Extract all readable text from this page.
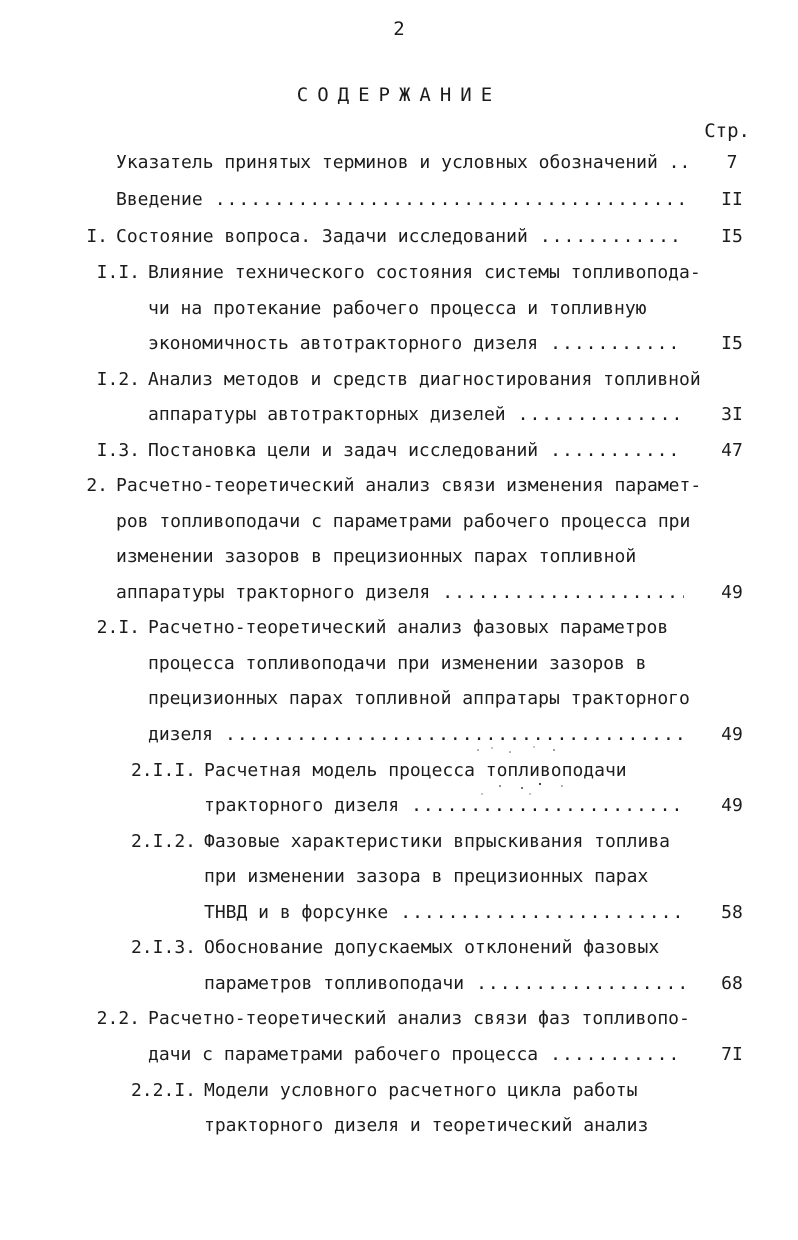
2
СОДЕРЖАНИЕ
Стр.
Указатель принятых терминов и условных обозначений ..	7
Введение .....	II
I. Состояние вопроса. Задачи исследований .....	I5
I.I. Влияние технического состояния системы топливопода-
чи на протекание рабочего процесса и топливную
экономичность автотракторного дизеля .....	I5
I.2. Анализ методов и средств диагностирования топливной
аппаратуры автотракторных дизелей .....	3I
I.3. Постановка цели и задач исследований .....	47
2. Расчетно-теоретический анализ связи изменения парамет-
ров топливоподачи с параметрами рабочего процесса при
изменении зазоров в прецизионных парах топливной
аппаратуры тракторного дизеля .....	49
2.I. Расчетно-теоретический анализ фазовых параметров
процесса топливоподачи при изменении зазоров в
прецизионных парах топливной аппратары тракторного
дизеля .....	49
2.I.I. Расчетная модель процесса топливоподачи
тракторного дизеля .....	49
2.I.2. Фазовые характеристики впрыскивания топлива
при изменении зазора в прецизионных парах
ТНВД и в форсунке .....	58
2.I.3. Обоснование допускаемых отклонений фазовых
параметров топливоподачи .....	68
2.2. Расчетно-теоретический анализ связи фаз топливопо-
дачи с параметрами рабочего процесса .....	7I
2.2.I. Модели условного расчетного цикла работы
тракторного дизеля и теоретический анализ
